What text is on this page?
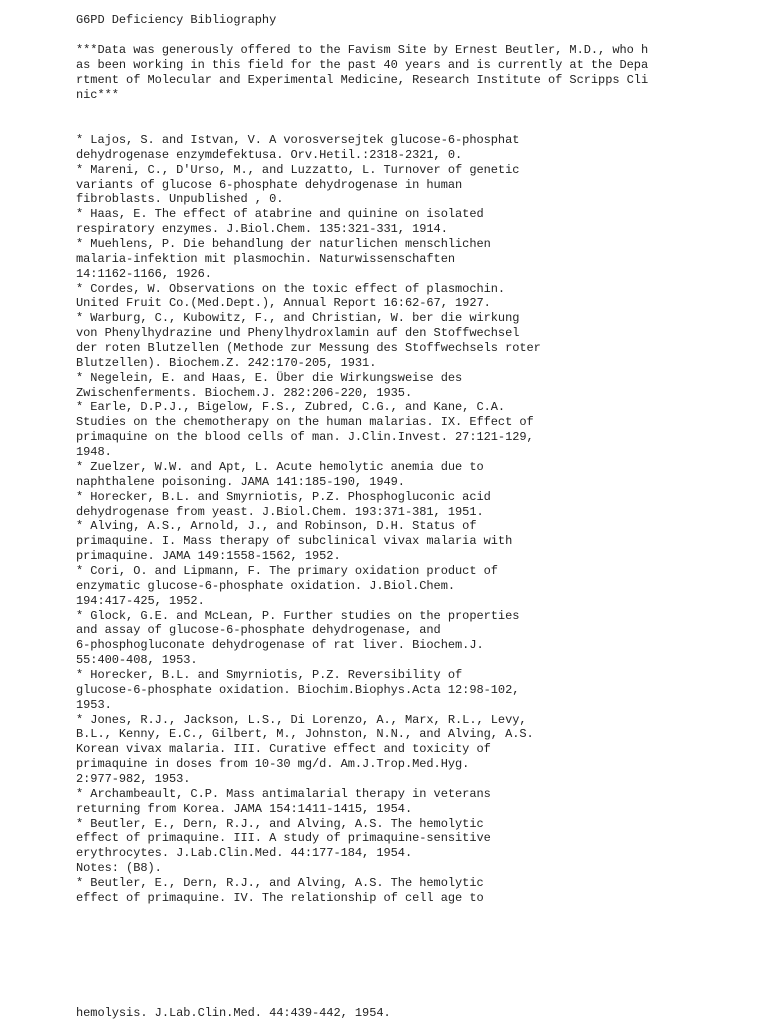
G6PD Deficiency Bibliography
***Data was generously offered to the Favism Site by Ernest Beutler, M.D., who h
as been working in this field for the past 40 years and is currently at the Depa
rtment of Molecular and Experimental Medicine, Research Institute of Scripps Cli
nic***
* Lajos, S. and Istvan, V. A vorosversejtek glucose-6-phosphat
dehydrogenase enzymdefektusa. Orv.Hetil.:2318-2321, 0.
* Mareni, C., D'Urso, M., and Luzzatto, L. Turnover of genetic
variants of glucose 6-phosphate dehydrogenase in human
fibroblasts. Unpublished , 0.
* Haas, E. The effect of atabrine and quinine on isolated
respiratory enzymes. J.Biol.Chem. 135:321-331, 1914.
* Muehlens, P. Die behandlung der naturlichen menschlichen
malaria-infektion mit plasmochin. Naturwissenschaften
14:1162-1166, 1926.
* Cordes, W. Observations on the toxic effect of plasmochin.
United Fruit Co.(Med.Dept.), Annual Report 16:62-67, 1927.
* Warburg, C., Kubowitz, F., and Christian, W. ber die wirkung
von Phenylhydrazine und Phenylhydroxlamin auf den Stoffwechsel
der roten Blutzellen (Methode zur Messung des Stoffwechsels roter
Blutzellen). Biochem.Z. 242:170-205, 1931.
* Negelein, E. and Haas, E. Über die Wirkungsweise des
Zwischenferments. Biochem.J. 282:206-220, 1935.
* Earle, D.P.J., Bigelow, F.S., Zubred, C.G., and Kane, C.A.
Studies on the chemotherapy on the human malarias. IX. Effect of
primaquine on the blood cells of man. J.Clin.Invest. 27:121-129,
1948.
* Zuelzer, W.W. and Apt, L. Acute hemolytic anemia due to
naphthalene poisoning. JAMA 141:185-190, 1949.
* Horecker, B.L. and Smyrniotis, P.Z. Phosphogluconic acid
dehydrogenase from yeast. J.Biol.Chem. 193:371-381, 1951.
* Alving, A.S., Arnold, J., and Robinson, D.H. Status of
primaquine. I. Mass therapy of subclinical vivax malaria with
primaquine. JAMA 149:1558-1562, 1952.
* Cori, O. and Lipmann, F. The primary oxidation product of
enzymatic glucose-6-phosphate oxidation. J.Biol.Chem.
194:417-425, 1952.
* Glock, G.E. and McLean, P. Further studies on the properties
and assay of glucose-6-phosphate dehydrogenase, and
6-phosphogluconate dehydrogenase of rat liver. Biochem.J.
55:400-408, 1953.
* Horecker, B.L. and Smyrniotis, P.Z. Reversibility of
glucose-6-phosphate oxidation. Biochim.Biophys.Acta 12:98-102,
1953.
* Jones, R.J., Jackson, L.S., Di Lorenzo, A., Marx, R.L., Levy,
B.L., Kenny, E.C., Gilbert, M., Johnston, N.N., and Alving, A.S.
Korean vivax malaria. III. Curative effect and toxicity of
primaquine in doses from 10-30 mg/d. Am.J.Trop.Med.Hyg.
2:977-982, 1953.
* Archambeault, C.P. Mass antimalarial therapy in veterans
returning from Korea. JAMA 154:1411-1415, 1954.
* Beutler, E., Dern, R.J., and Alving, A.S. The hemolytic
effect of primaquine. III. A study of primaquine-sensitive
erythrocytes. J.Lab.Clin.Med. 44:177-184, 1954.
Notes: (B8).
* Beutler, E., Dern, R.J., and Alving, A.S. The hemolytic
effect of primaquine. IV. The relationship of cell age to
hemolysis. J.Lab.Clin.Med. 44:439-442, 1954.
